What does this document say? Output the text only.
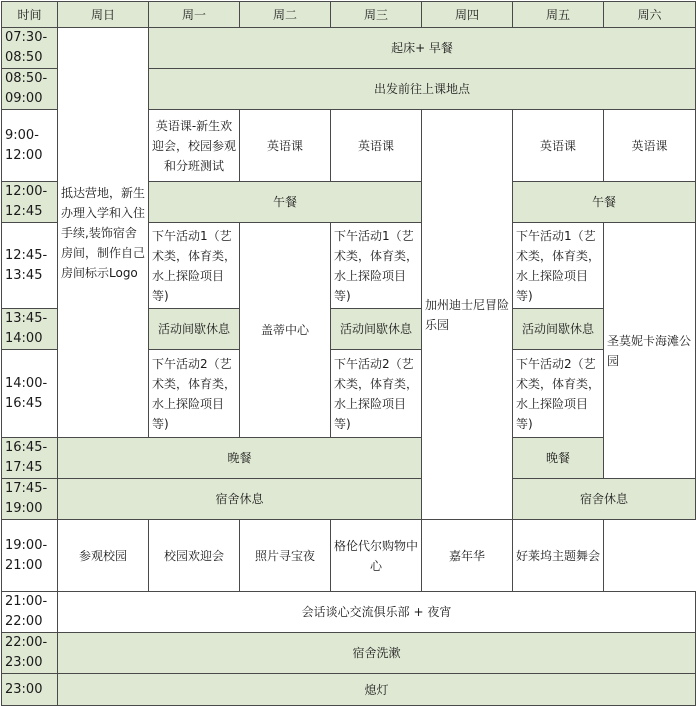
时间	周日	周一	周二	周三	周四	周五	周六
07:30-08:50	抵达营地，新生办理入学和入住手续,装饰宿舍房间，制作自己房间标示Logo	起床+ 早餐					
08:50-09:00		出发前往上课地点					
9:00-12:00		英语课-新生欢迎会，校园参观和分班测试	英语课	英语课	加州迪士尼冒险乐园	英语课	英语课
12:00-12:45		午餐				午餐	
12:45-13:45		下午活动1（艺术类，体育类，水上探险项目等)	盖蒂中心	下午活动1（艺术类，体育类，水上探险项目等)		下午活动1（艺术类，体育类，水上探险项目等)	圣莫妮卡海滩公园
13:45-14:00		活动间歇休息		活动间歇休息		活动间歇休息	
14:00-16:45		下午活动2（艺术类，体育类，水上探险项目等)		下午活动2（艺术类，体育类，水上探险项目等)		下午活动2（艺术类，体育类，水上探险项目等)	
16:45-17:45	晚餐					晚餐	
17:45-19:00	宿舍休息					宿舍休息	
19:00-21:00	参观校园	校园欢迎会	照片寻宝夜	格伦代尔购物中心	嘉年华	好莱坞主题舞会	
21:00-22:00	会话谈心交流俱乐部 + 夜宵						
22:00-23:00	宿舍洗漱						
23:00	熄灯						
